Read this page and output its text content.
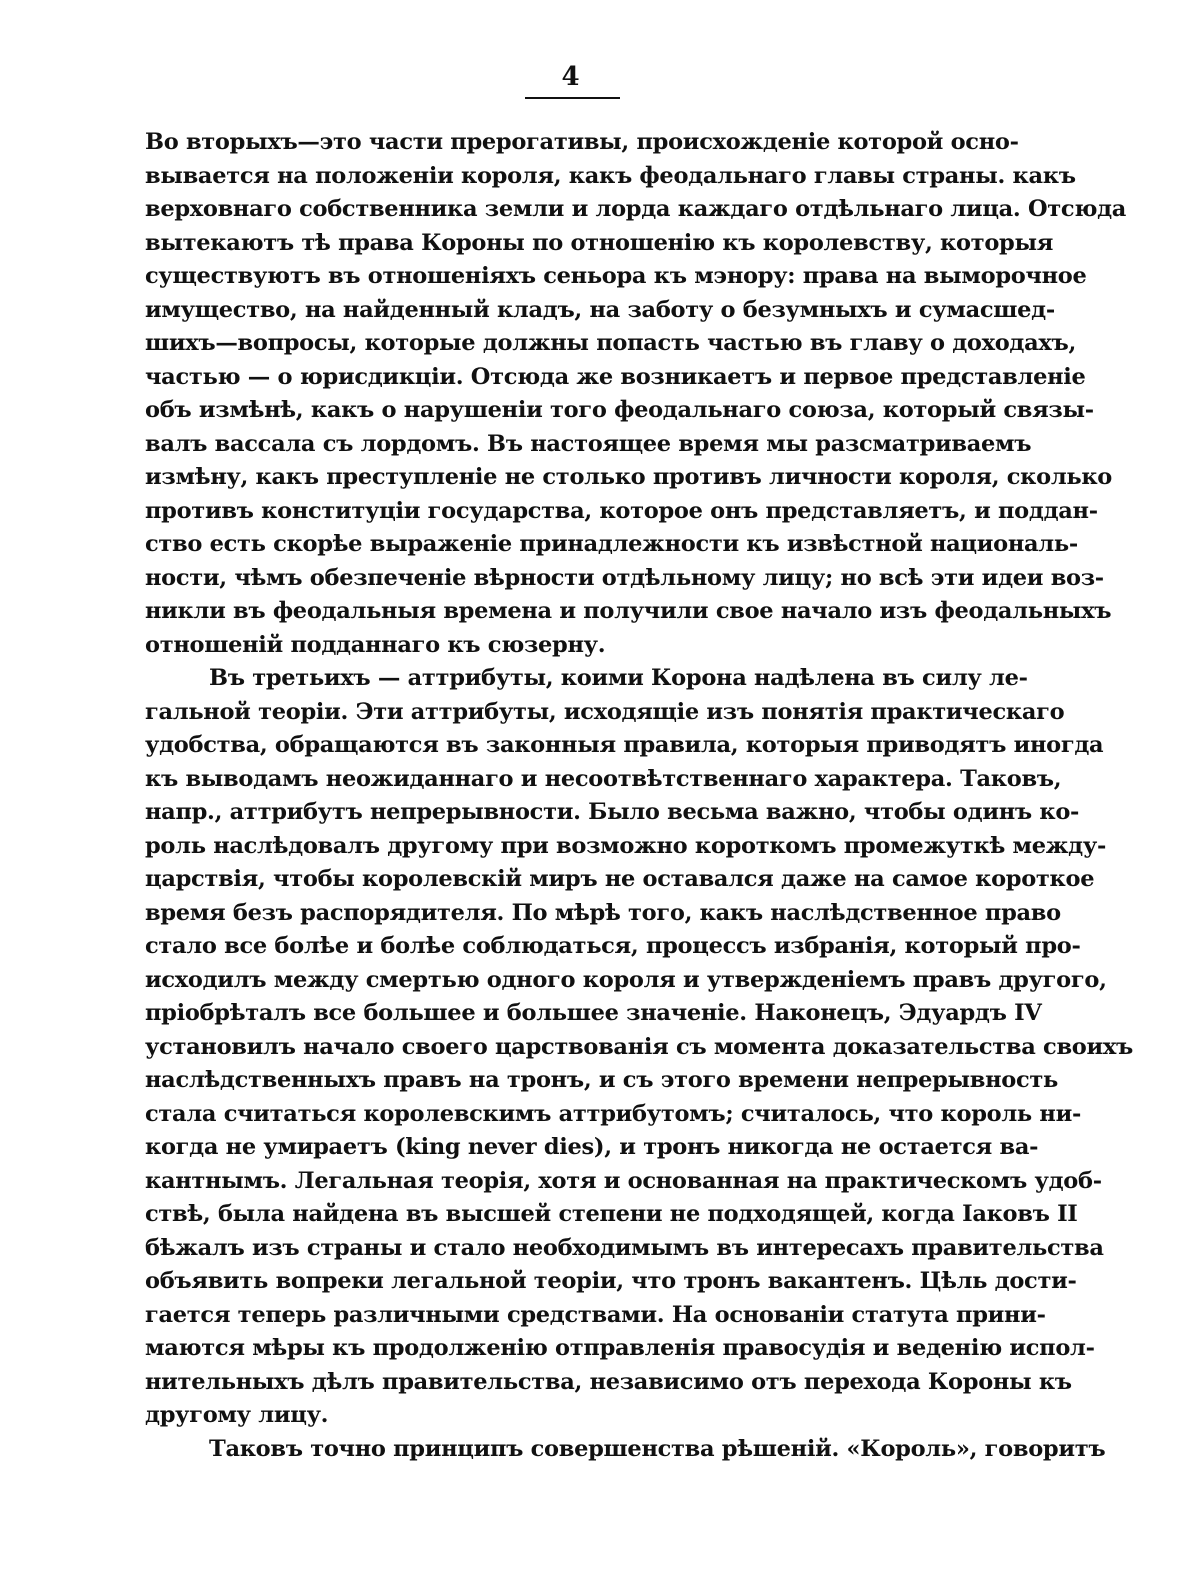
4
Во вторыхъ—это части прерогативы, происхожденіе которой осно-
вывается на положеніи короля, какъ феодальнаго главы страны. какъ
верховнаго собственника земли и лорда каждаго отдѣльнаго лица. Отсюда
вытекаютъ тѣ права Короны по отношенію къ королевству, которыя
существуютъ въ отношеніяхъ сеньора къ мэнору: права на выморочное
имущество, на найденный кладъ, на заботу о безумныхъ и сумасшед-
шихъ—вопросы, которые должны попасть частью въ главу о доходахъ,
частью — о юрисдикціи. Отсюда же возникаетъ и первое представленіе
объ измѣнѣ, какъ о нарушеніи того феодальнаго союза, который связы-
валъ вассала съ лордомъ. Въ настоящее время мы разсматриваемъ
измѣну, какъ преступленіе не столько противъ личности короля, сколько
противъ конституціи государства, которое онъ представляетъ, и поддан-
ство есть скорѣе выраженіе принадлежности къ извѣстной националь-
ности, чѣмъ обезпеченіе вѣрности отдѣльному лицу; но всѣ эти идеи воз-
никли въ феодальныя времена и получили свое начало изъ феодальныхъ
отношеній подданнаго къ сюзерну.
Въ третьихъ — аттрибуты, коими Корона надѣлена въ силу ле-
гальной теоріи. Эти аттрибуты, исходящіе изъ понятія практическаго
удобства, обращаются въ законныя правила, которыя приводятъ иногда
къ выводамъ неожиданнаго и несоотвѣтственнаго характера. Таковъ,
напр., аттрибутъ непрерывности. Было весьма важно, чтобы одинъ ко-
роль наслѣдовалъ другому при возможно короткомъ промежуткѣ между-
царствія, чтобы королевскій миръ не оставался даже на самое короткое
время безъ распорядителя. По мѣрѣ того, какъ наслѣдственное право
стало все болѣе и болѣе соблюдаться, процессъ избранія, который про-
исходилъ между смертью одного короля и утвержденіемъ правъ другого,
пріобрѣталъ все большее и большее значеніе. Наконецъ, Эдуардъ IV
установилъ начало своего царствованія съ момента доказательства своихъ
наслѣдственныхъ правъ на тронъ, и съ этого времени непрерывность
стала считаться королевскимъ аттрибутомъ; считалось, что король ни-
когда не умираетъ (king never dies), и тронъ никогда не остается ва-
кантнымъ. Легальная теорія, хотя и основанная на практическомъ удоб-
ствѣ, была найдена въ высшей степени не подходящей, когда Іаковъ II
бѣжалъ изъ страны и стало необходимымъ въ интересахъ правительства
объявить вопреки легальной теоріи, что тронъ вакантенъ. Цѣль дости-
гается теперь различными средствами. На основаніи статута прини-
маются мѣры къ продолженію отправленія правосудія и веденію испол-
нительныхъ дѣлъ правительства, независимо отъ перехода Короны къ
другому лицу.
Таковъ точно принципъ совершенства рѣшеній. «Король», говоритъ
